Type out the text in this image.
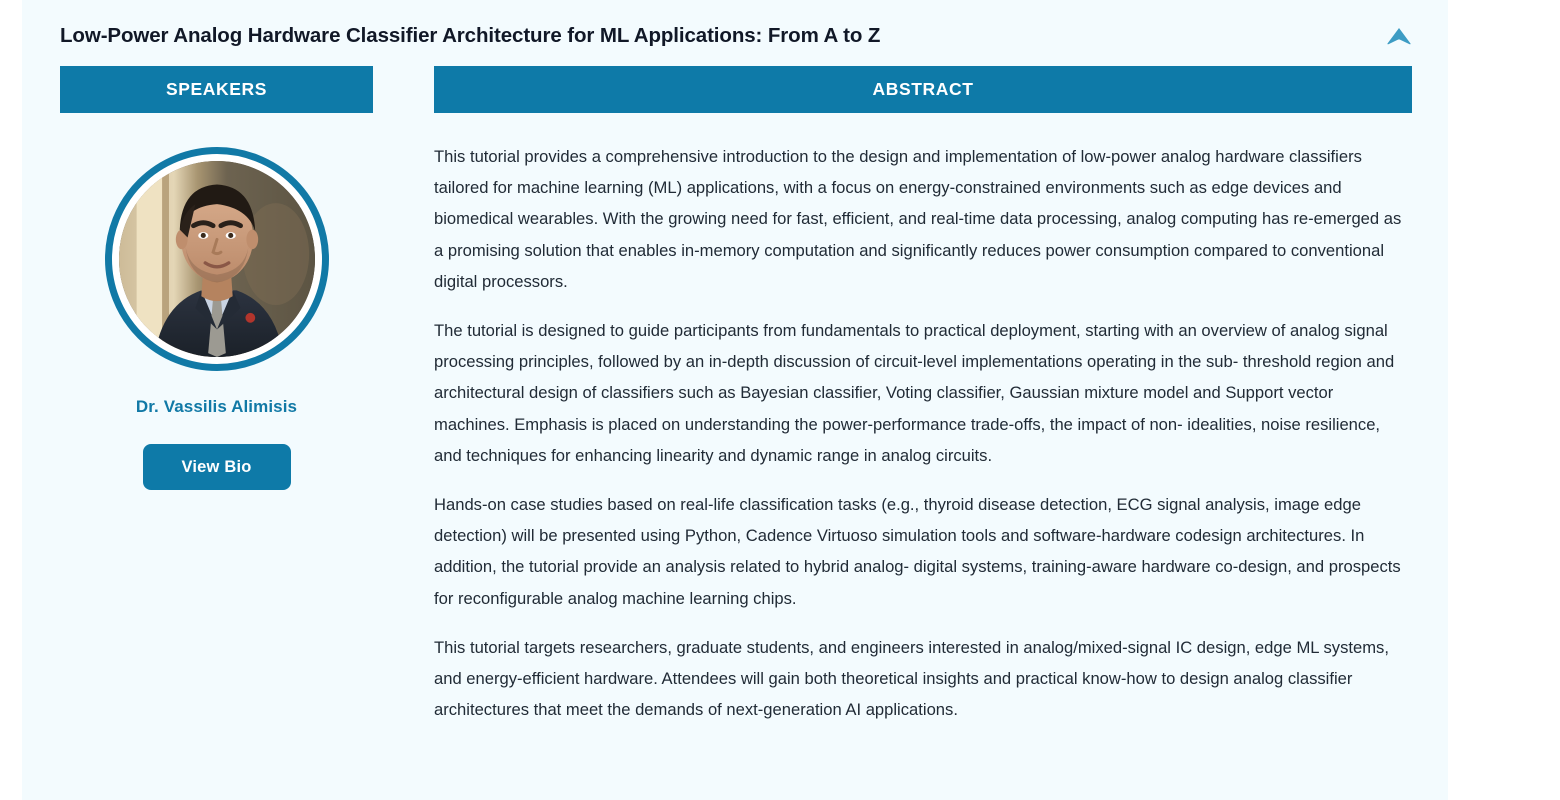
Low-Power Analog Hardware Classifier Architecture for ML Applications: From A to Z
SPEAKERS
Dr. Vassilis Alimisis
View Bio
ABSTRACT

This tutorial provides a comprehensive introduction to the design and implementation of low-power analog hardware classifiers tailored for machine learning (ML) applications, with a focus on energy-constrained environments such as edge devices and biomedical wearables. With the growing need for fast, efficient, and real-time data processing, analog computing has re-emerged as a promising solution that enables in-memory computation and significantly reduces power consumption compared to conventional digital processors.

The tutorial is designed to guide participants from fundamentals to practical deployment, starting with an overview of analog signal processing principles, followed by an in-depth discussion of circuit-level implementations operating in the sub- threshold region and architectural design of classifiers such as Bayesian classifier, Voting classifier, Gaussian mixture model and Support vector machines. Emphasis is placed on understanding the power-performance trade-offs, the impact of non- idealities, noise resilience, and techniques for enhancing linearity and dynamic range in analog circuits.

Hands-on case studies based on real-life classification tasks (e.g., thyroid disease detection, ECG signal analysis, image edge detection) will be presented using Python, Cadence Virtuoso simulation tools and software-hardware codesign architectures. In addition, the tutorial provide an analysis related to hybrid analog- digital systems, training-aware hardware co-design, and prospects for reconfigurable analog machine learning chips.

This tutorial targets researchers, graduate students, and engineers interested in analog/mixed-signal IC design, edge ML systems, and energy-efficient hardware. Attendees will gain both theoretical insights and practical know-how to design analog classifier architectures that meet the demands of next-generation AI applications.
